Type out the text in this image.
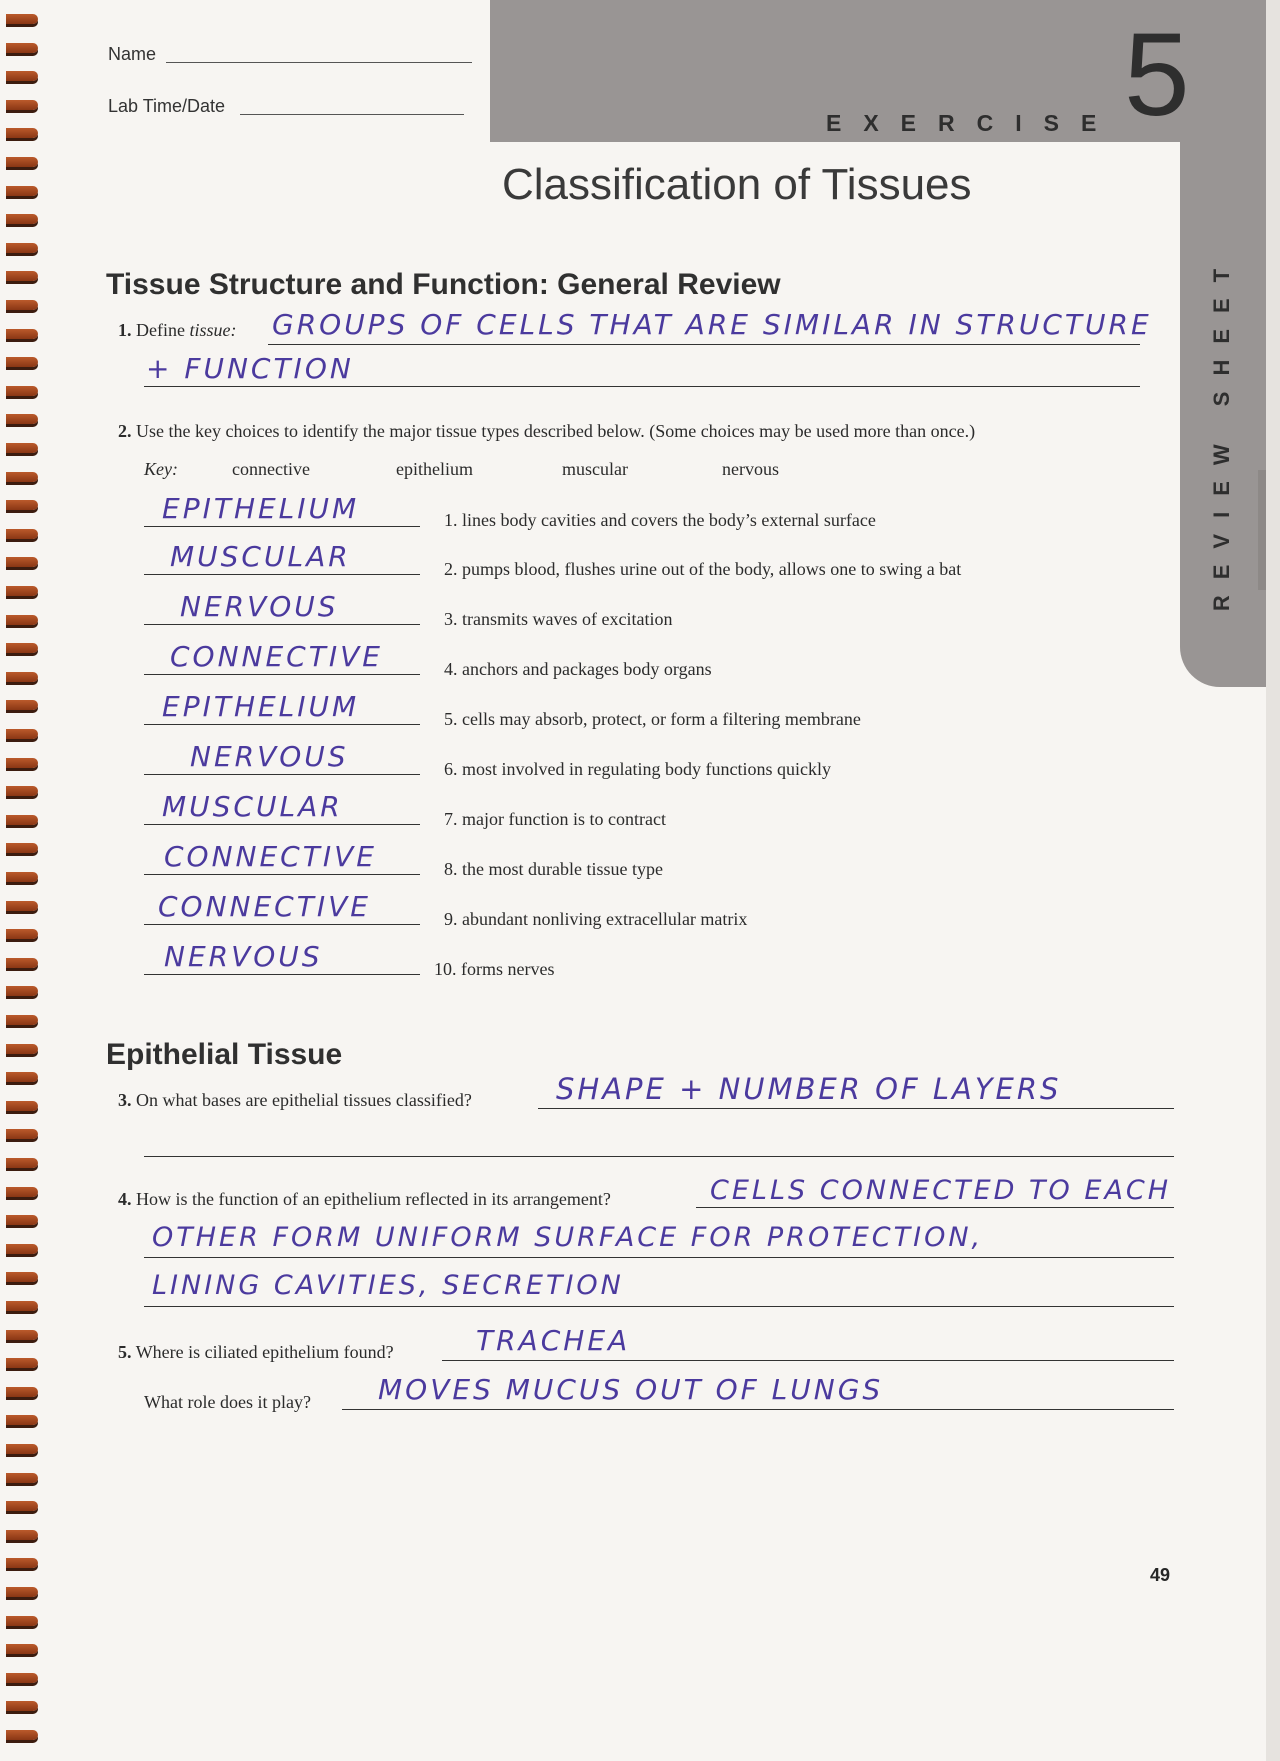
Name
Lab Time/Date
EXERCISE 5
REVIEW SHEET
Classification of Tissues
Tissue Structure and Function: General Review
1. Define tissue: GROUPS OF CELLS THAT ARE SIMILAR IN STRUCTURE
+ FUNCTION
2. Use the key choices to identify the major tissue types described below. (Some choices may be used more than once.)
Key:	connective	epithelium	muscular	nervous
EPITHELIUM	1. lines body cavities and covers the body’s external surface
MUSCULAR	2. pumps blood, flushes urine out of the body, allows one to swing a bat
NERVOUS	3. transmits waves of excitation
CONNECTIVE	4. anchors and packages body organs
EPITHELIUM	5. cells may absorb, protect, or form a filtering membrane
NERVOUS	6. most involved in regulating body functions quickly
MUSCULAR	7. major function is to contract
CONNECTIVE	8. the most durable tissue type
CONNECTIVE	9. abundant nonliving extracellular matrix
NERVOUS	10. forms nerves
Epithelial Tissue
3. On what bases are epithelial tissues classified?	SHAPE + NUMBER OF LAYERS
4. How is the function of an epithelium reflected in its arrangement?	CELLS CONNECTED TO EACH
OTHER FORM UNIFORM SURFACE FOR PROTECTION,
LINING CAVITIES, SECRETION
5. Where is ciliated epithelium found?	TRACHEA
What role does it play? MOVES MUCUS OUT OF LUNGS
49
